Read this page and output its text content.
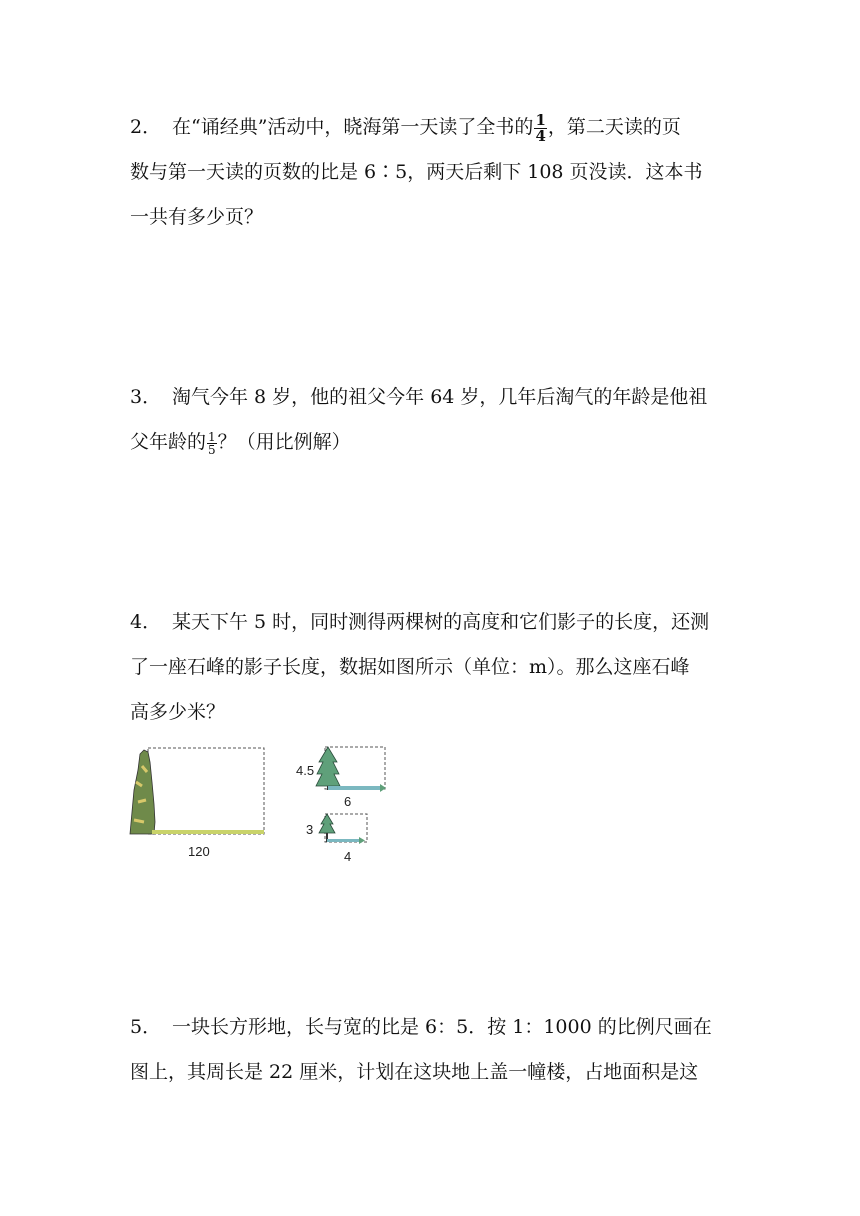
2． 在“诵经典”活动中，晓海第一天读了全书的 $\frac{1}{4}$ ，第二天读的页
数与第一天读的页数的比是 6∶5，两天后剩下 108 页没读．这本书
一共有多少页？
3． 淘气今年 8 岁，他的祖父今年 64 岁，几年后淘气的年龄是他祖
父年龄的 $\frac{1}{5}$ ？（用比例解）
4． 某天下午 5 时，同时测得两棵树的高度和它们影子的长度，还测
了一座石峰的影子长度，数据如图所示（单位：m）。那么这座石峰
高多少米？
120
4.5
6
3
4
5． 一块长方形地，长与宽的比是 6：5．按 1：1000 的比例尺画在
图上，其周长是 22 厘米，计划在这块地上盖一幢楼，占地面积是这
